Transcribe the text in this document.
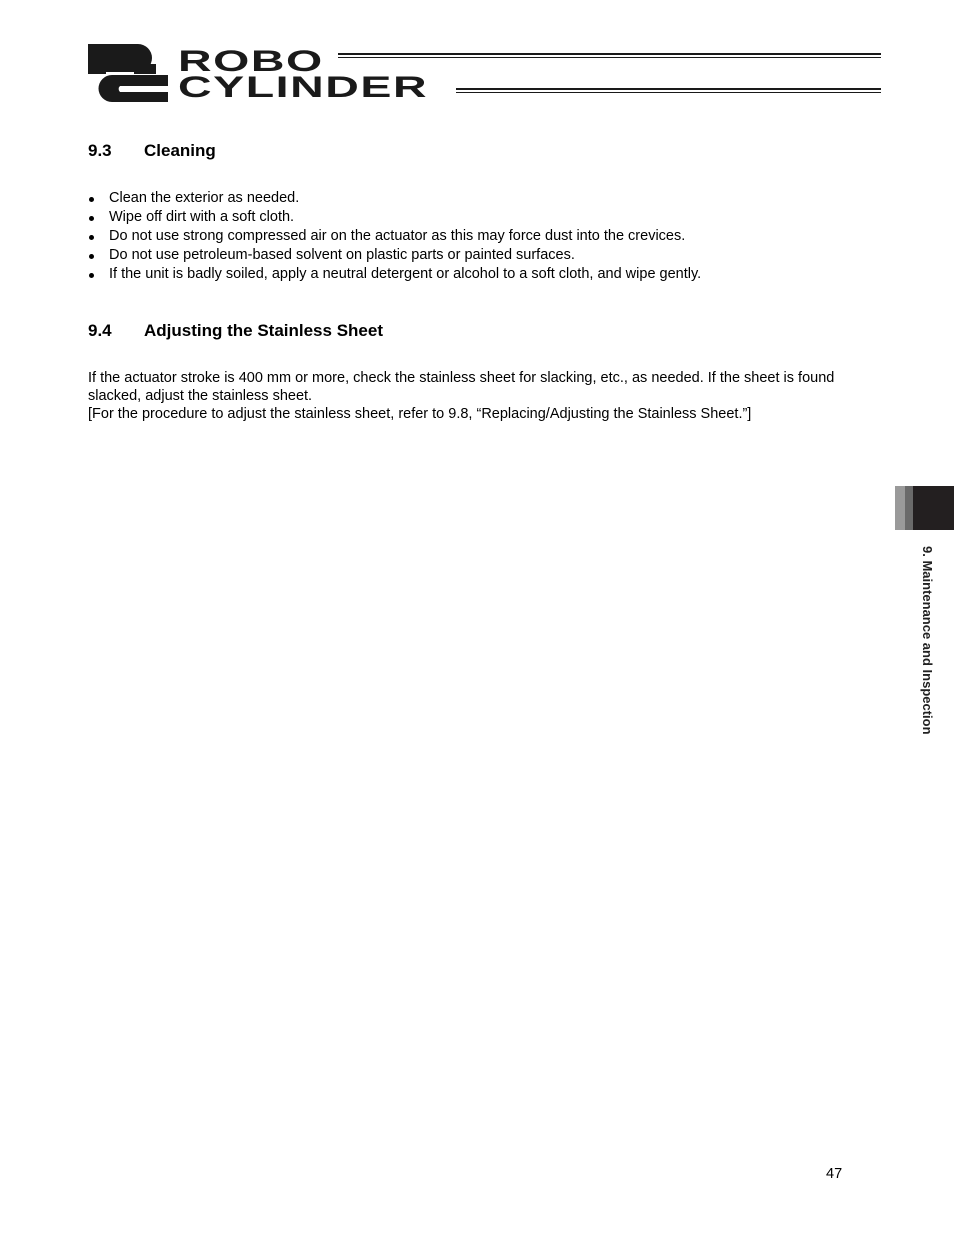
ROBO
CYLINDER
9.3 Cleaning
Clean the exterior as needed.
Wipe off dirt with a soft cloth.
Do not use strong compressed air on the actuator as this may force dust into the crevices.
Do not use petroleum-based solvent on plastic parts or painted surfaces.
If the unit is badly soiled, apply a neutral detergent or alcohol to a soft cloth, and wipe gently.
9.4 Adjusting the Stainless Sheet

If the actuator stroke is 400 mm or more, check the stainless sheet for slacking, etc., as needed. If the sheet is found slacked, adjust the stainless sheet.

[For the procedure to adjust the stainless sheet, refer to 9.8, “Replacing/Adjusting the Stainless Sheet.”]

9. Maintenance and Inspection
47
